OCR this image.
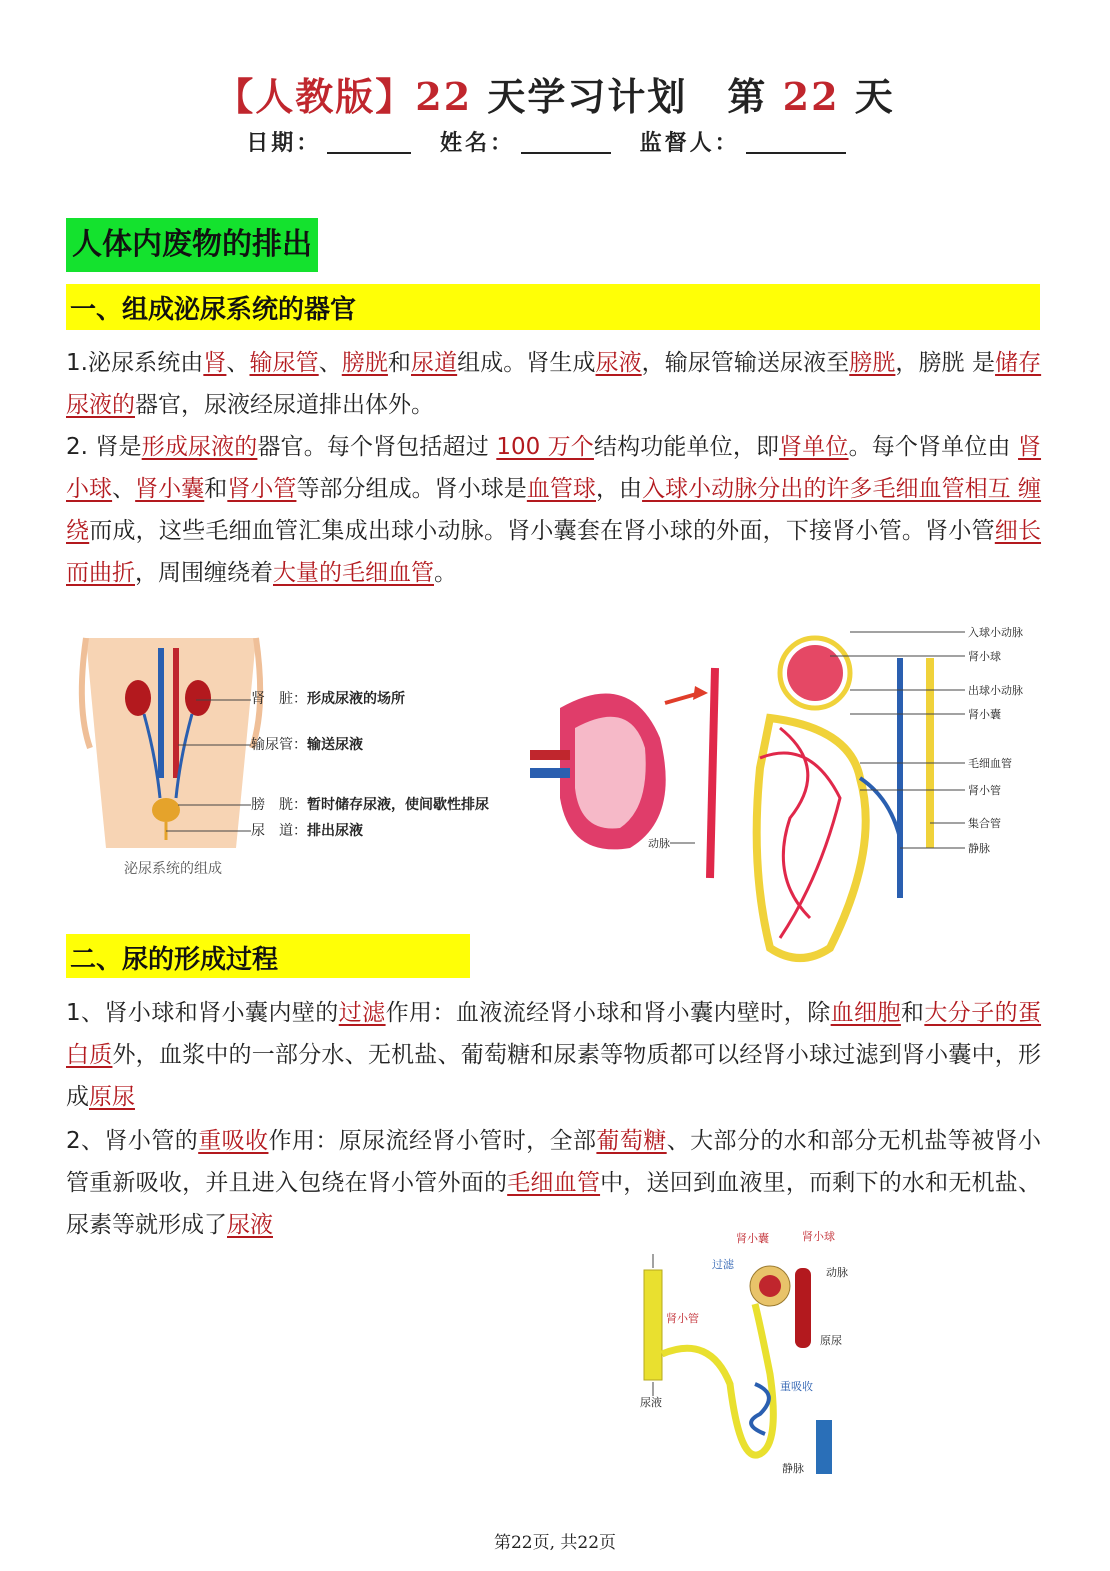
【人教版】22 天学习计划　第 22 天
日期：	姓名：	监督人：
人体内废物的排出
一、组成泌尿系统的器官
1.泌尿系统由肾、输尿管、膀胱和尿道组成。肾生成尿液，输尿管输送尿液至膀胱，膀胱 是储存尿液的器官，尿液经尿道排出体外。
2. 肾是形成尿液的器官。每个肾包括超过 100 万个结构功能单位，即肾单位。每个肾单位由 肾小球、肾小囊和肾小管等部分组成。肾小球是血管球，由入球小动脉分出的许多毛细血管相互 缠绕而成，这些毛细血管汇集成出球小动脉。肾小囊套在肾小球的外面，下接肾小管。肾小管细长 而曲折，周围缠绕着大量的毛细血管。
肾　脏：形成尿液的场所
输尿管：输送尿液
膀　胱：暂时储存尿液，使间歇性排尿
尿　道：排出尿液
泌尿系统的组成
入球小动脉
肾小球
出球小动脉
肾小囊
毛细血管
肾小管
集合管
静脉
动脉
二、尿的形成过程
1、肾小球和肾小囊内壁的过滤作用：血液流经肾小球和肾小囊内壁时，除血细胞和大分子的蛋白质外，血浆中的一部分水、无机盐、葡萄糖和尿素等物质都可以经肾小球过滤到肾小囊中，形成原尿
2、肾小管的重吸收作用：原尿流经肾小管时，全部葡萄糖、大部分的水和部分无机盐等被肾小管重新吸收，并且进入包绕在肾小管外面的毛细血管中，送回到血液里，而剩下的水和无机盐、尿素等就形成了尿液
肾小囊	肾小球
过滤
动脉
肾小管
原尿
重吸收
尿液
静脉
第22页, 共22页
